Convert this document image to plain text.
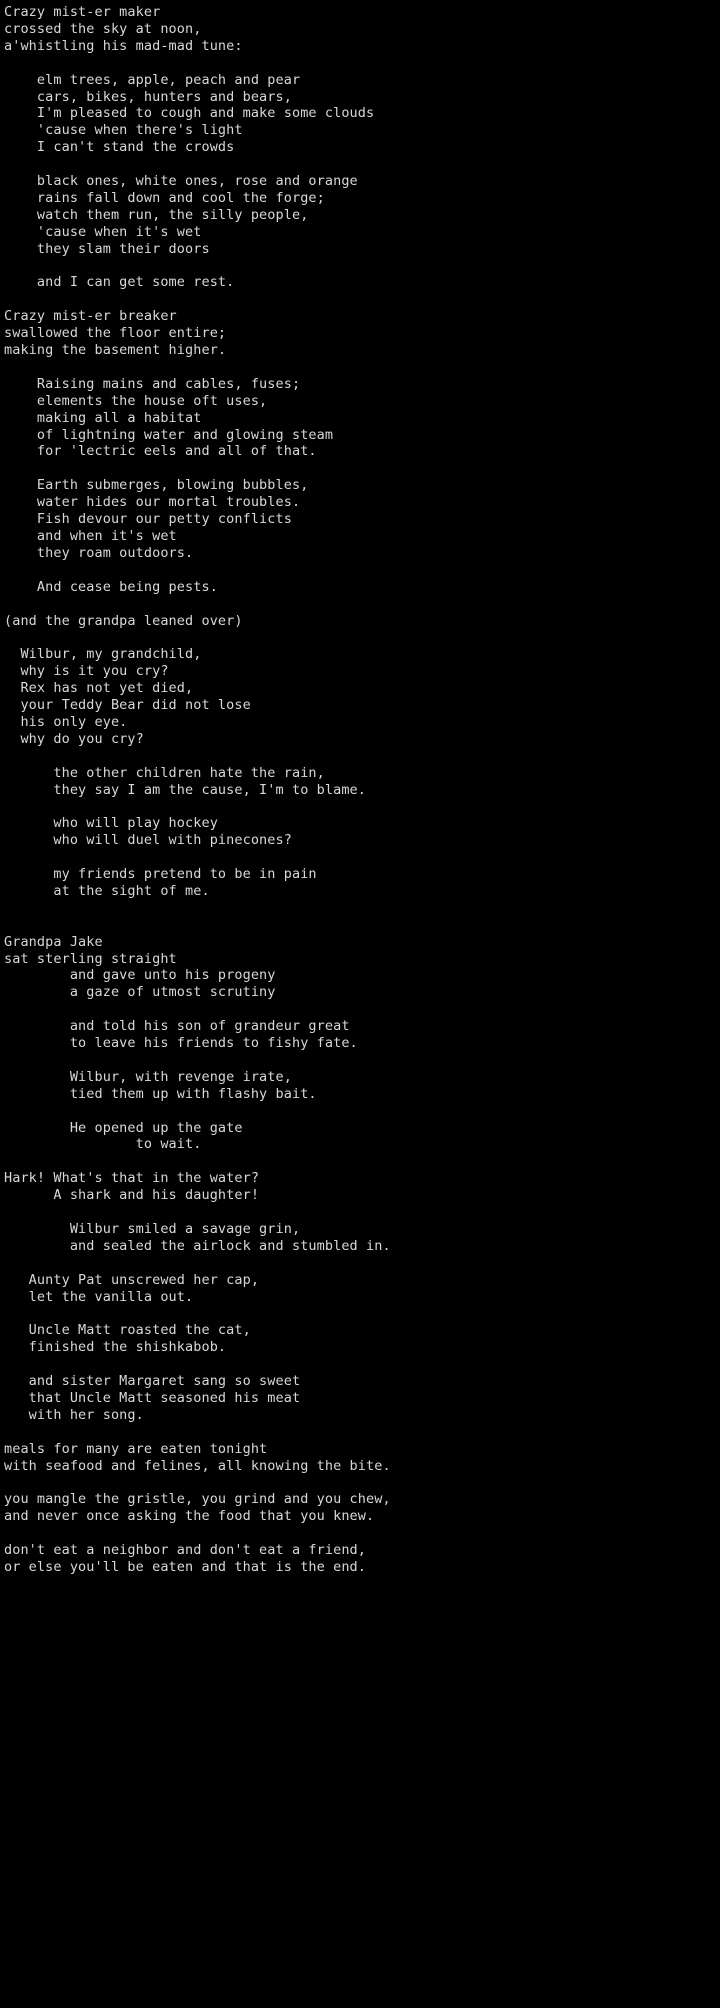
Crazy mist-er maker
crossed the sky at noon,
a'whistling his mad-mad tune:
elm trees, apple, peach and pear
cars, bikes, hunters and bears,
I'm pleased to cough and make some clouds
'cause when there's light
I can't stand the crowds
black ones, white ones, rose and orange
rains fall down and cool the forge;
watch them run, the silly people,
'cause when it's wet
they slam their doors
and I can get some rest.
Crazy mist-er breaker
swallowed the floor entire;
making the basement higher.
Raising mains and cables, fuses;
elements the house oft uses,
making all a habitat
of lightning water and glowing steam
for 'lectric eels and all of that.
Earth submerges, blowing bubbles,
water hides our mortal troubles.
Fish devour our petty conflicts
and when it's wet
they roam outdoors.
And cease being pests.
(and the grandpa leaned over)
Wilbur, my grandchild,
why is it you cry?
Rex has not yet died,
your Teddy Bear did not lose
his only eye.
why do you cry?
the other children hate the rain,
they say I am the cause, I'm to blame.
who will play hockey
who will duel with pinecones?
my friends pretend to be in pain
at the sight of me.
Grandpa Jake
sat sterling straight
and gave unto his progeny
a gaze of utmost scrutiny
and told his son of grandeur great
to leave his friends to fishy fate.
Wilbur, with revenge irate,
tied them up with flashy bait.
He opened up the gate
to wait.
Hark! What's that in the water?
A shark and his daughter!
Wilbur smiled a savage grin,
and sealed the airlock and stumbled in.
Aunty Pat unscrewed her cap,
let the vanilla out.
Uncle Matt roasted the cat,
finished the shishkabob.
and sister Margaret sang so sweet
that Uncle Matt seasoned his meat
with her song.
meals for many are eaten tonight
with seafood and felines, all knowing the bite.
you mangle the gristle, you grind and you chew,
and never once asking the food that you knew.
don't eat a neighbor and don't eat a friend,
or else you'll be eaten and that is the end.
